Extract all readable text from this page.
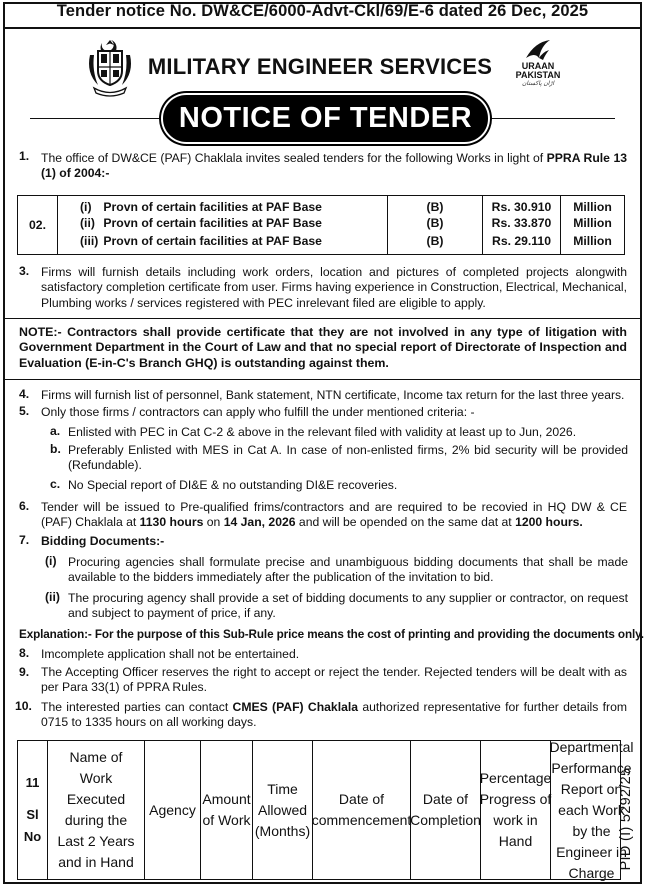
Tender notice No. DW&CE/6000-Advt-Ckl/69/E-6 dated 26 Dec, 2025
MILITARY ENGINEER SERVICES	URAAN
PAKISTAN
اڑان پاکستان
NOTICE OF TENDER
1. The office of DW&CE (PAF) Chaklala invites sealed tenders for the following Works in light of PPRA Rule 13 (1) of 2004:-
02.
(i) Provn of certain facilities at PAF Base
(ii) Provn of certain facilities at PAF Base
(iii) Provn of certain facilities at PAF Base
(B)
(B)
(B)
Rs. 30.910
Rs. 33.870
Rs. 29.110
Million
Million
Million
3. Firms will furnish details including work orders, location and pictures of completed projects alongwith satisfactory completion certificate from user. Firms having experience in Construction, Electrical, Mechanical, Plumbing works / services registered with PEC inrelevant filed are eligible to apply.
NOTE:- Contractors shall provide certificate that they are not involved in any type of litigation with Government Department in the Court of Law and that no special report of Directorate of Inspection and Evaluation (E-in-C's Branch GHQ) is outstanding against them.
4. Firms will furnish list of personnel, Bank statement, NTN certificate, Income tax return for the last three years.
5. Only those firms / contractors can apply who fulfill the under mentioned criteria: -
a. Enlisted with PEC in Cat C-2 & above in the relevant filed with validity at least up to Jun, 2026.
b. Preferably Enlisted with MES in Cat A. In case of non-enlisted firms, 2% bid security will be provided (Refundable).
c. No Special report of DI&E & no outstanding DI&E recoveries.
6. Tender will be issued to Pre-qualified frims/contractors and are required to be recovied in HQ DW & CE (PAF) Chaklala at 1130 hours on 14 Jan, 2026 and will be opended on the same dat at 1200 hours.
7. Bidding Documents:-
(i) Procuring agencies shall formulate precise and unambiguous bidding documents that shall be made available to the bidders immediately after the publication of the invitation to bid.
(ii) The procuring agency shall provide a set of bidding documents to any supplier or contractor, on request and subject to payment of price, if any.
Explanation:- For the purpose of this Sub-Rule price means the cost of printing and providing the documents only.
8. Imcomplete application shall not be entertained.
9. The Accepting Officer reserves the right to accept or reject the tender. Rejected tenders will be dealt with as per Para 33(1) of PPRA Rules.
10. The interested parties can contact CMES (PAF) Chaklala authorized representative for further details from 0715 to 1335 hours on all working days.
11
Sl
No
Name of Work Executed during the Last 2 Years and in Hand
Agency
Amount of Work
Time Allowed (Months)
Date of commencement
Date of Completion
Percentage Progress of work in Hand
Departmental Performance Report on each Work by the Engineer in Charge
PID (I) 5292/25
